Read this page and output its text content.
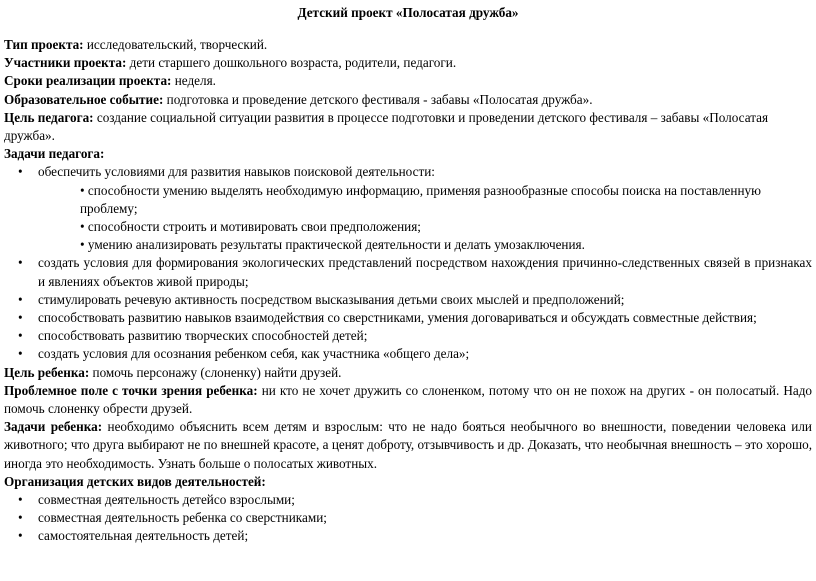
Детский проект «Полосатая дружба»

Тип проекта: исследовательский, творческий.

Участники проекта: дети старшего дошкольного возраста, родители, педагоги.

Сроки реализации проекта: неделя.

Образовательное событие: подготовка и проведение детского фестиваля - забавы «Полосатая дружба».

Цель педагога: создание социальной ситуации развития в процессе подготовки и проведении детского фестиваля – забавы «Полосатая дружба».

Задачи педагога:

• обеспечить условиями для развития навыков поисковой деятельности:
• способности умению выделять необходимую информацию, применяя разнообразные способы поиска на поставленную проблему;
• способности строить и мотивировать свои предположения;
• умению анализировать результаты практической деятельности и делать умозаключения.
• создать условия для формирования экологических представлений посредством нахождения причинно-следственных связей в признаках и явлениях объектов живой природы;
• стимулировать речевую активность посредством высказывания детьми своих мыслей и предположений;
• способствовать развитию навыков взаимодействия со сверстниками, умения договариваться и обсуждать совместные действия;
• способствовать развитию творческих способностей детей;
• создать условия для осознания ребенком себя, как участника «общего дела»;

Цель ребенка: помочь персонажу (слоненку) найти друзей.

Проблемное поле с точки зрения ребенка: ни кто не хочет дружить со слоненком, потому что он не похож на других - он полосатый. Надо помочь слоненку обрести друзей.

Задачи ребенка: необходимо объяснить всем детям и взрослым: что не надо бояться необычного во внешности, поведении человека или животного; что друга выбирают не по внешней красоте, а ценят доброту, отзывчивость и др. Доказать, что необычная внешность – это хорошо, иногда это необходимость. Узнать больше о полосатых животных.

Организация детских видов деятельностей:

• совместная деятельность детейсо взрослыми;
• совместная деятельность ребенка со сверстниками;
• самостоятельная деятельность детей;
